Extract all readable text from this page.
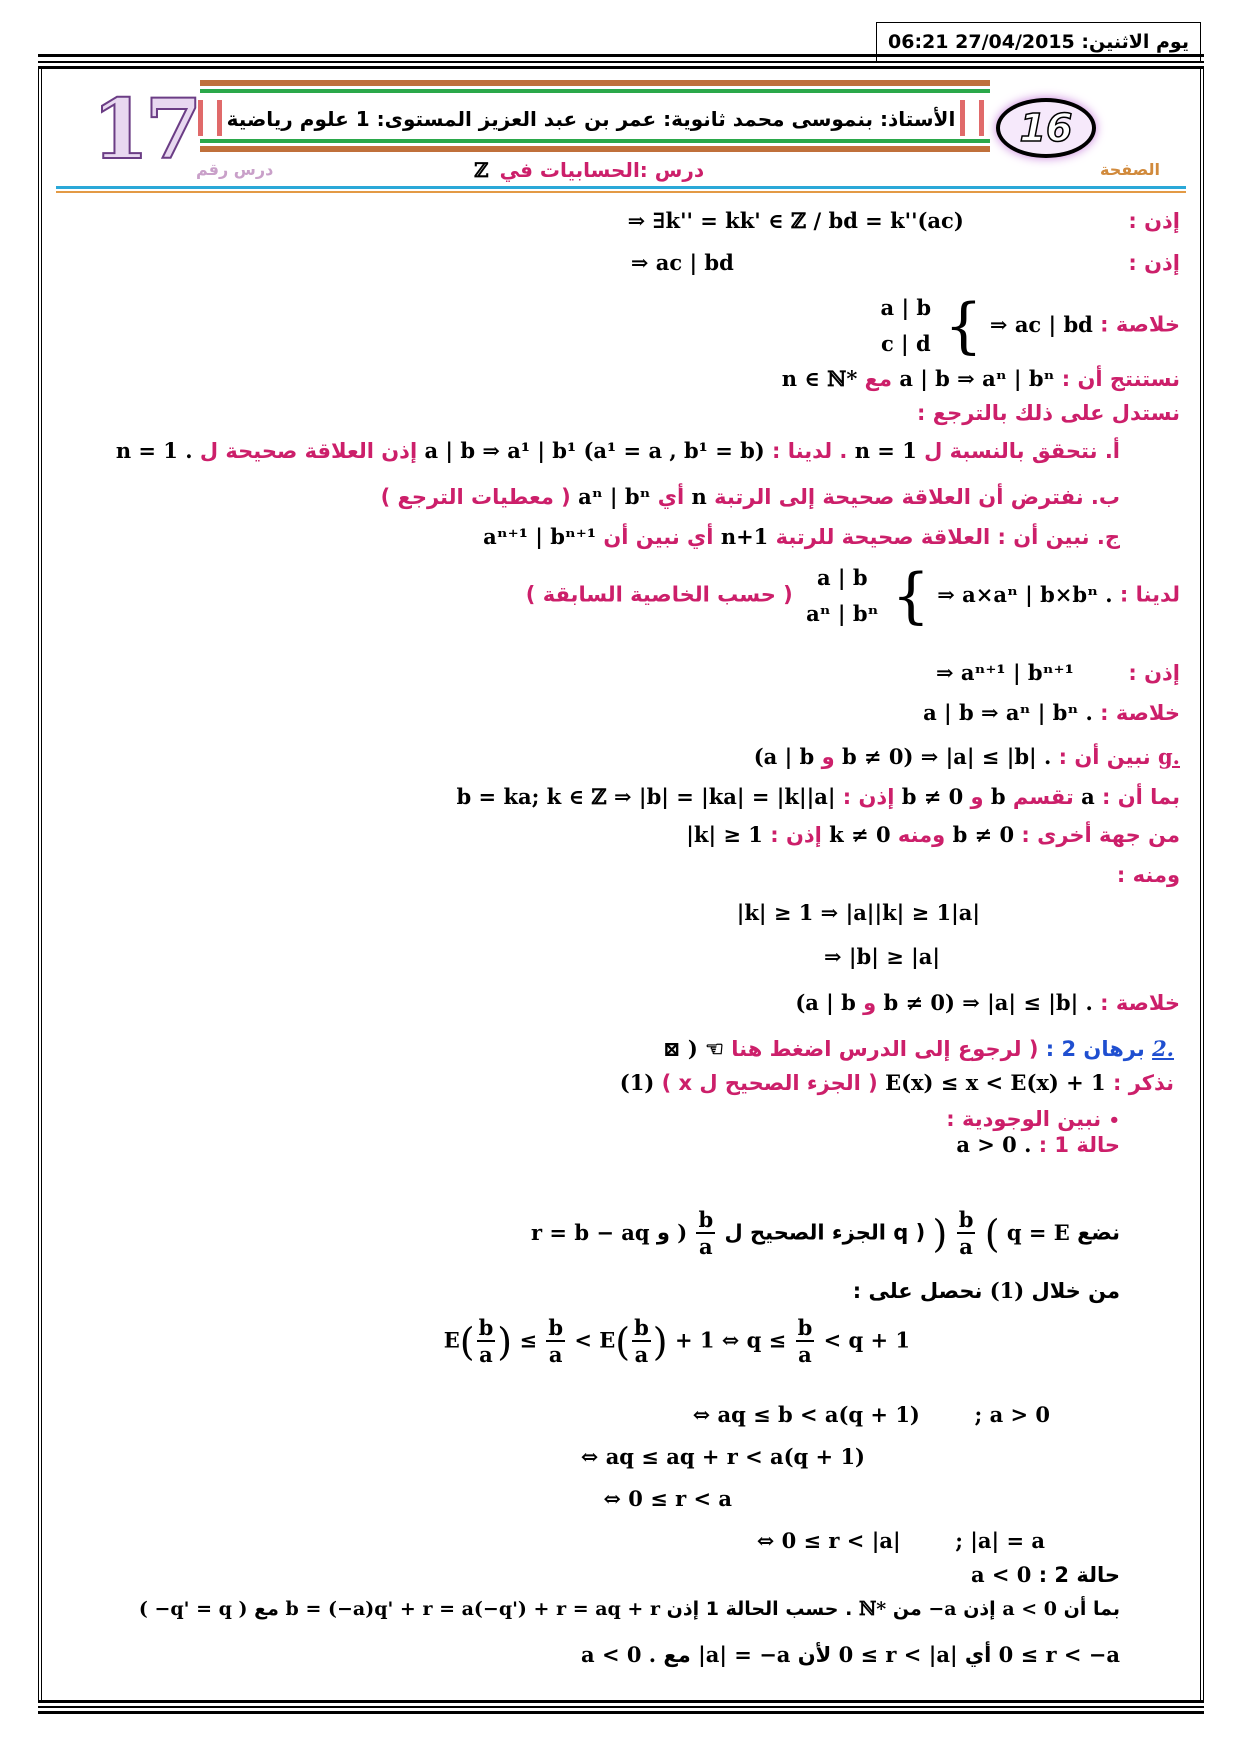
يوم الاثنين: 27/04/2015 06:21
17	الأستاذ: بنموسى محمد ثانوية: عمر بن عبد العزيز المستوى: 1 علوم رياضية	16
الصفحة
درس رقم	درس :الحسابيات في ℤ
إذن :  ⇒ ∃k'' = kk' ∈ ℤ / bd = k''(ac)
إذن :  ⇒ ac | bd
خلاصة : ⇒ ac | bd }
a | b
c | d
نستنتج أن : a | b ⇒ aⁿ | bⁿ مع n ∈ ℕ*
نستدل على ذلك بالترجع :
أ. نتحقق بالنسبة ل n = 1 . لدينا : a | b ⇒ a¹ | b¹ (a¹ = a , b¹ = b) إذن العلاقة صحيحة ل n = 1 .
ب. نفترض أن العلاقة صحيحة إلى الرتبة n أي aⁿ | bⁿ ( معطيات الترجع )
ج. نبين أن : العلاقة صحيحة للرتبة n+1 أي نبين أن aⁿ⁺¹ | bⁿ⁺¹
لدينا : ⇒ a×aⁿ | b×bⁿ . }
a | b
aⁿ | bⁿ
( حسب الخاصية السابقة )
إذن :  ⇒ aⁿ⁺¹ | bⁿ⁺¹
خلاصة : a | b ⇒ aⁿ | bⁿ .
g. نبين أن : b ≠ 0) ⇒ |a| ≤ |b| . و (a | b
بما أن : a تقسم b و b ≠ 0 إذن : b = ka; k ∈ ℤ ⇒ |b| = |ka| = |k||a|
من جهة أخرى : b ≠ 0 ومنه k ≠ 0 إذن : |k| ≥ 1
ومنه :
|k| ≥ 1 ⇒ |a||k| ≥ 1|a|
⇒ |b| ≥ |a|
خلاصة : b ≠ 0) ⇒ |a| ≤ |b| . و (a | b
2. برهان 2 : ( لرجوع إلى الدرس اضغط هنا ☜ ⊠ )
نذكر : E(x) ≤ x < E(x) + 1 ( الجزء الصحيح ل x ) (1)
• نبين الوجودية :
حالة 1 : a > 0 .
نضع q = E (
$\frac{b}{a}$
) ( q الجزء الصحيح ل
$\frac{b}{a}$
) و r = b − aq
من خلال (1) نحصل على :
$E( \frac{b}{a}$ ) ≤ $\frac{b}{a} < E( \frac{b}{a}$ ) + 1 ⇔ $q \le \frac{b}{a} < q + 1$
; a > 0  ⇔ aq ≤ b < a(q + 1)
⇔ aq ≤ aq + r < a(q + 1)
⇔ 0 ≤ r < a
; |a| = a  ⇔ 0 ≤ r < |a|
حالة 2 : a < 0
بما أن a < 0 إذن −a من ℕ* . حسب الحالة 1 إذن b = (−a)q' + r = a(−q') + r = aq + r مع ( −q' = q )
0 ≤ r < −a أي 0 ≤ r < |a| لأن |a| = −a مع a < 0 .
